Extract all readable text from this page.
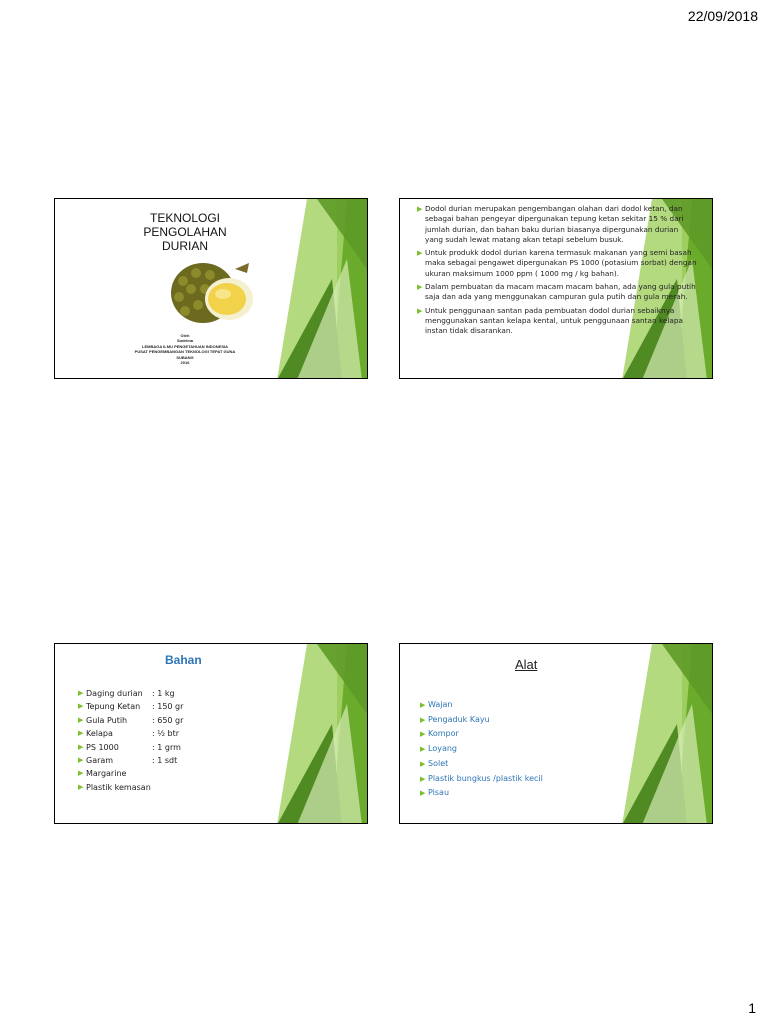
22/09/2018
TEKNOLOGI PENGOLAHAN
DURIAN
Oleh
Sudrima
LEMBAGA ILMU PENGETAHUAN INDONESIA
PUSAT PENGEMBANGAN TEKNOLOGI TEPAT GUNA
SUBANG
2016
▶ Dodol durian merupakan pengembangan olahan dari dodol ketan, dan sebagai bahan pengeyar dipergunakan tepung ketan sekitar 15 % dari jumlah durian, dan bahan baku durian biasanya dipergunakan durian yang sudah lewat matang akan tetapi sebelum busuk.
▶ Untuk produkk dodol durian karena termasuk makanan yang semi basah maka sebagai pengawet dipergunakan PS 1000 (potasium sorbat) dengan ukuran maksimum 1000 ppm ( 1000 mg / kg bahan).
▶ Dalam pembuatan da macam macam macam bahan, ada yang gula putih saja dan ada yang menggunakan campuran gula putih dan gula merah.
▶ Untuk penggunaan santan pada pembuatan dodol durian sebaiknya menggunakan santan kelapa kental, untuk penggunaan santan kelapa instan tidak disarankan.
Bahan
▶ Daging durian : 1 kg
▶ Tepung Ketan : 150 gr
▶ Gula Putih	: 650 gr
▶ Kelapa	: ½ btr
▶ PS 1000	: 1 grm
▶ Garam	: 1 sdt
▶ Margarine
▶ Plastik kemasan
Alat
▶ Wajan
▶ Pengaduk Kayu
▶ Kompor
▶ Loyang
▶ Solet
▶ Plastik bungkus /plastik kecil
▶ Pisau
1
